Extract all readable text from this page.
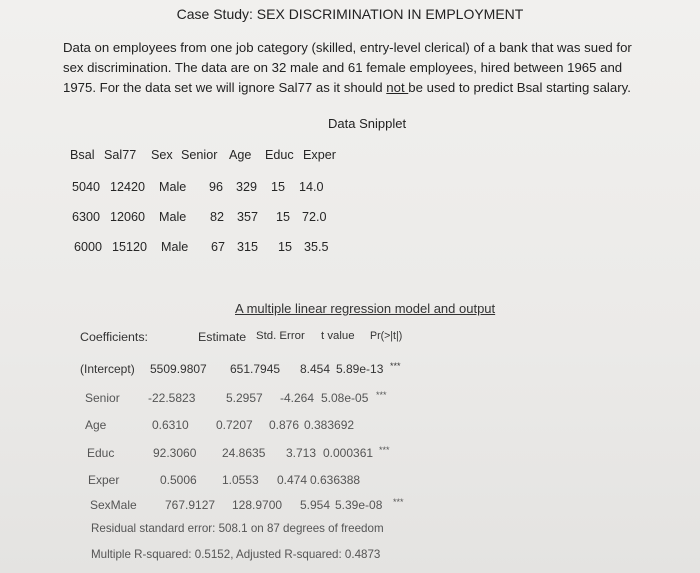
Case Study: SEX DISCRIMINATION IN EMPLOYMENT
Data on employees from one job category (skilled, entry-level clerical) of a bank that was sued for
sex discrimination. The data are on 32 male and 61 female employees, hired between 1965 and
1975. For the data set we will ignore Sal77 as it should not be used to predict Bsal starting salary.
Data Snipplet
Bsal Sal77 Sex Senior Age Educ Exper
5040 12420 Male 96 329 15 14.0
6300 12060 Male 82 357 15 72.0
6000 15120 Male 67 315 15 35.5
A multiple linear regression model and output
Coefficients:	Estimate Std. Error t value Pr(>|t|)
(Intercept) 5509.9807 651.7945 8.454 5.89e-13 ***
Senior -22.5823	5.2957 -4.264 5.08e-05 ***
Age	0.6310 0.7207 0.876 0.383692
Educ	92.3060 24.8635 3.713 0.000361 ***
Exper	0.5006 1.0553 0.474 0.636388
SexMale 767.9127 128.9700 5.954 5.39e-08 ***
Residual standard error: 508.1 on 87 degrees of freedom
Multiple R-squared: 0.5152, Adjusted R-squared: 0.4873
